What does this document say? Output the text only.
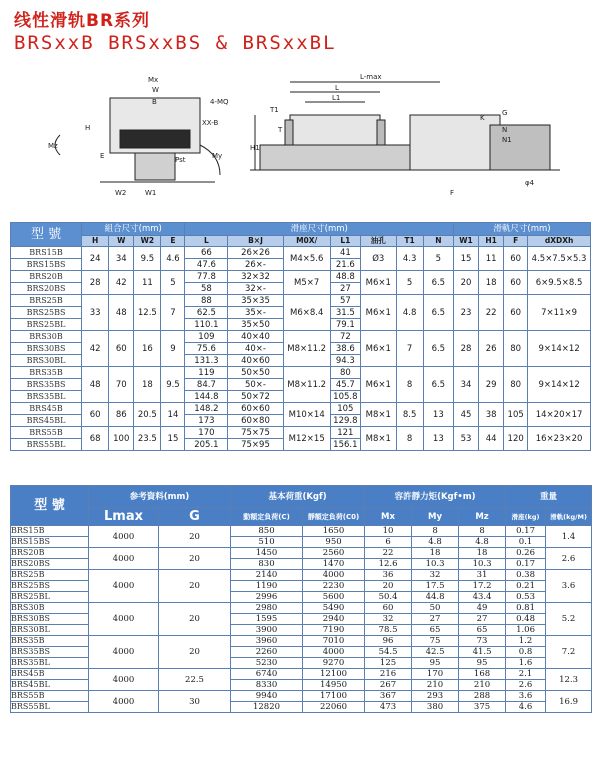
线性滑轨BR系列
BRSxxB BRSxxBS & BRSxxBL
Mx
W
B	4-MQ
XX-B
Mz
E
H
Pst	My
W2	W1
L-max
L
L1
T1
T
H1
K
G
N
N1
F
φ4
型 號	組合尺寸(mm)				滑座尺寸(mm)							滑軌尺寸(mm)			
	H	W	W2	E	L	B×J	M0X/	L1	油孔	T1	N	W1	H1	F	dXDXh
BRS15B	24	34	9.5	4.6	66	26×26	M4×5.6	41	Ø3	4.3	5	15	11	60	4.5×7.5×5.3
BRS15BS					47.6	26×-		21.6							
BRS20B	28	42	11	5	77.8	32×32	M5×7	48.8	M6×1	5	6.5	20	18	60	6×9.5×8.5
BRS20BS					58	32×-		27							
BRS25B	33	48	12.5	7	88	35×35	M6×8.4	57	M6×1	4.8	6.5	23	22	60	7×11×9
BRS25BS					62.5	35×-		31.5							
BRS25BL					110.1	35×50		79.1							
BRS30B	42	60	16	9	109	40×40	M8×11.2	72	M6×1	7	6.5	28	26	80	9×14×12
BRS30BS					75.6	40×-		38.6							
BRS30BL					131.3	40×60		94.3							
BRS35B	48	70	18	9.5	119	50×50	M8×11.2	80	M6×1	8	6.5	34	29	80	9×14×12
BRS35BS					84.7	50×-		45.7							
BRS35BL					144.8	50×72		105.8							
BRS45B	60	86	20.5	14	148.2	60×60	M10×14	105	M8×1	8.5	13	45	38	105	14×20×17
BRS45BL					173	60×80		129.8							
BRS55B	68	100	23.5	15	170	75×75	M12×15	121	M8×1	8	13	53	44	120	16×23×20
BRS55BL					205.1	75×95		156.1							
型 號	参考資料(mm)		基本荷重(Kgf)		容許靜力矩(Kgf•m)			重量	
	Lmax	G	動額定負荷(C)	靜額定負荷(C0)	Mx	My	Mz	滑座(kg)	滑軌(kg/M)

BRS15B	4000	20	850	1650	10	8	8	0.17	1.4
BRS15BS			510	950	6	4.8	4.8	0.1	
BRS20B	4000	20	1450	2560	22	18	18	0.26	2.6
BRS20BS			830	1470	12.6	10.3	10.3	0.17	
BRS25B	4000	20	2140	4000	36	32	31	0.38	3.6
BRS25BS			1190	2230	20	17.5	17.2	0.21	
BRS25BL			2996	5600	50.4	44.8	43.4	0.53	
BRS30B	4000	20	2980	5490	60	50	49	0.81	5.2
BRS30BS			1595	2940	32	27	27	0.48	
BRS30BL			3900	7190	78.5	65	65	1.06	
BRS35B	4000	20	3960	7010	96	75	73	1.2	7.2
BRS35BS			2260	4000	54.5	42.5	41.5	0.8	
BRS35BL			5230	9270	125	95	95	1.6	
BRS45B	4000	22.5	6740	12100	216	170	168	2.1	12.3
BRS45BL			8330	14950	267	210	210	2.6	
BRS55B	4000	30	9940	17100	367	293	288	3.6	16.9
BRS55BL			12820	22060	473	380	375	4.6	
